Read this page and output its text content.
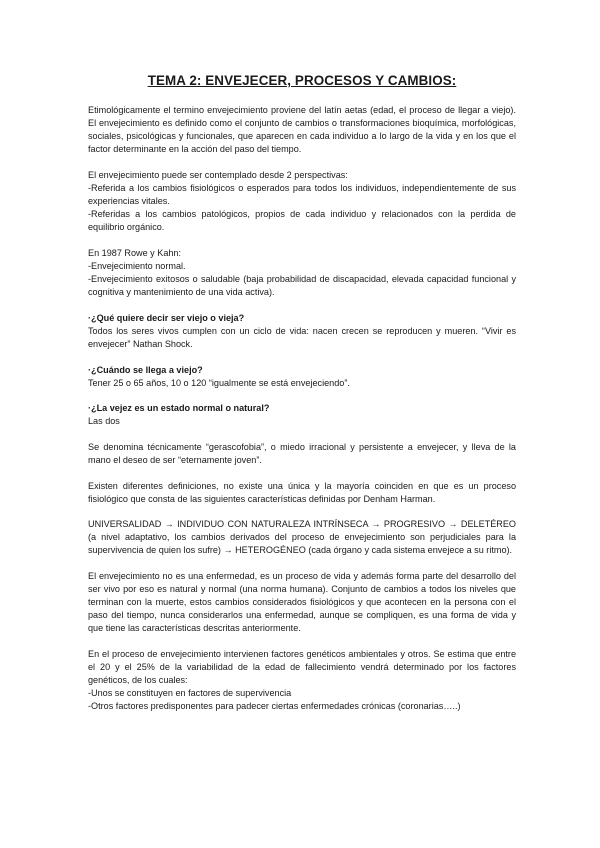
TEMA 2: ENVEJECER, PROCESOS Y CAMBIOS:

Etimológicamente el termino envejecimiento proviene del latín aetas (edad, el proceso de llegar a viejo). El envejecimiento es definido como el conjunto de cambios o transformaciones bioquímica, morfológicas, sociales, psicológicas y funcionales, que aparecen en cada individuo a lo largo de la vida y en los que el factor determinante en la acción del paso del tiempo.

El envejecimiento puede ser contemplado desde 2 perspectivas:

-Referida a los cambios fisiológicos o esperados para todos los individuos, independientemente de sus experiencias vitales.

-Referidas a los cambios patológicos, propios de cada individuo y relacionados con la perdida de equilibrio orgánico.

En 1987 Rowe y Kahn:

-Envejecimiento normal.

-Envejecimiento exitosos o saludable (baja probabilidad de discapacidad, elevada capacidad funcional y cognitiva y mantenimiento de una vida activa).

·¿Qué quiere decir ser viejo o vieja?

Todos los seres vivos cumplen con un ciclo de vida: nacen crecen se reproducen y mueren. “Vivir es envejecer” Nathan Shock.

·¿Cuándo se llega a viejo?

Tener 25 o 65 años, 10 o 120 “igualmente se está envejeciendo”.

·¿La vejez es un estado normal o natural?

Las dos

Se denomina técnicamente “gerascofobia”, o miedo irracional y persistente a envejecer, y lleva de la mano el deseo de ser “eternamente joven”.

Existen diferentes definiciones, no existe una única y la mayoría coinciden en que es un proceso fisiológico que consta de las siguientes características definidas por Denham Harman.

UNIVERSALIDAD → INDIVIDUO CON NATURALEZA INTRÍNSECA → PROGRESIVO → DELETÉREO (a nivel adaptativo, los cambios derivados del proceso de envejecimiento son perjudiciales para la supervivencia de quien los sufre) → HETEROGÉNEO (cada órgano y cada sistema envejece a su ritmo).

El envejecimiento no es una enfermedad, es un proceso de vida y además forma parte del desarrollo del ser vivo por eso es natural y normal (una norma humana). Conjunto de cambios a todos los niveles que terminan con la muerte, estos cambios considerados fisiológicos y que acontecen en la persona con el paso del tiempo, nunca considerarlos una enfermedad, aunque se compliquen, es una forma de vida y que tiene las características descritas anteriormente.

En el proceso de envejecimiento intervienen factores genéticos ambientales y otros. Se estima que entre el 20 y el 25% de la variabilidad de la edad de fallecimiento vendrá determinado por los factores genéticos, de los cuales:

-Unos se constituyen en factores de supervivencia

-Otros factores predisponentes para padecer ciertas enfermedades crónicas (coronarias…..)
